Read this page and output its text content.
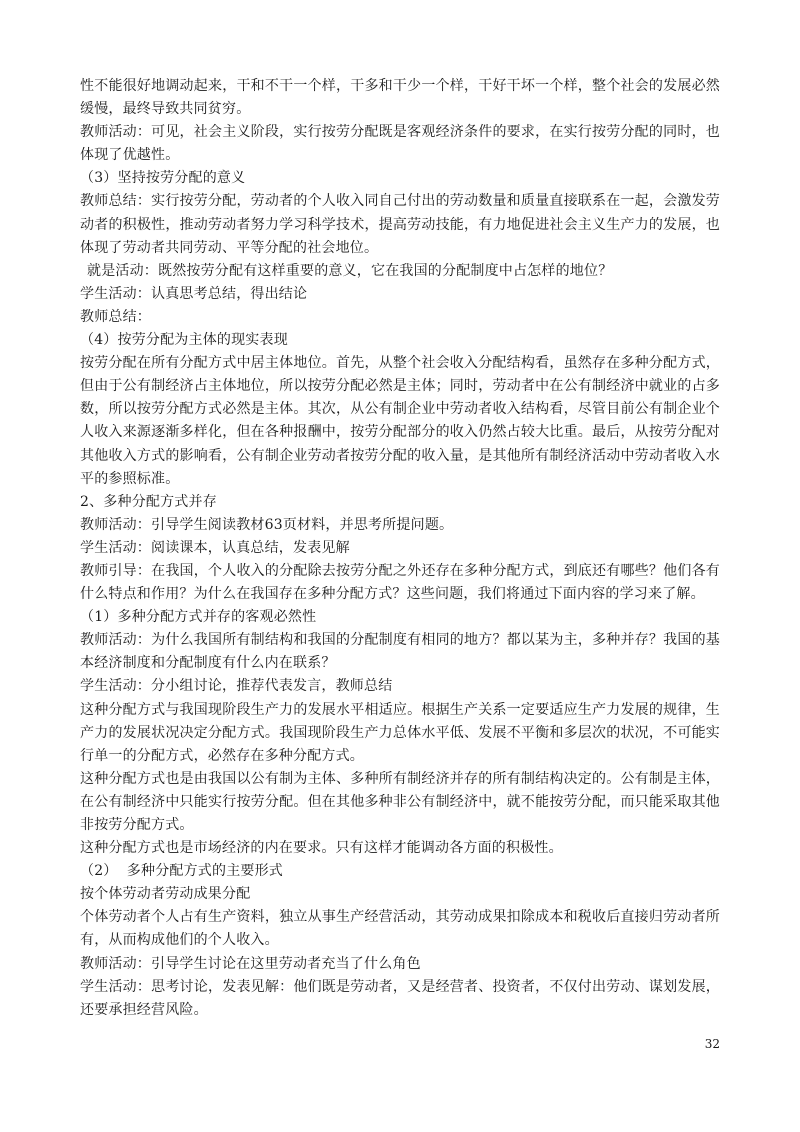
性不能很好地调动起来，干和不干一个样，干多和干少一个样，干好干坏一个样，整个社会的发展必然缓慢，最终导致共同贫穷。

教师活动：可见，社会主义阶段，实行按劳分配既是客观经济条件的要求，在实行按劳分配的同时，也体现了优越性。

（3）坚持按劳分配的意义

教师总结：实行按劳分配，劳动者的个人收入同自己付出的劳动数量和质量直接联系在一起，会激发劳动者的积极性，推动劳动者努力学习科学技术，提高劳动技能，有力地促进社会主义生产力的发展，也体现了劳动者共同劳动、平等分配的社会地位。

就是活动：既然按劳分配有这样重要的意义，它在我国的分配制度中占怎样的地位？

学生活动：认真思考总结，得出结论

教师总结：

（4）按劳分配为主体的现实表现

按劳分配在所有分配方式中居主体地位。首先，从整个社会收入分配结构看，虽然存在多种分配方式，但由于公有制经济占主体地位，所以按劳分配必然是主体；同时，劳动者中在公有制经济中就业的占多数，所以按劳分配方式必然是主体。其次，从公有制企业中劳动者收入结构看，尽管目前公有制企业个人收入来源逐渐多样化，但在各种报酬中，按劳分配部分的收入仍然占较大比重。最后，从按劳分配对其他收入方式的影响看，公有制企业劳动者按劳分配的收入量，是其他所有制经济活动中劳动者收入水平的参照标准。

2、多种分配方式并存

教师活动：引导学生阅读教材63页材料，并思考所提问题。

学生活动：阅读课本，认真总结，发表见解

教师引导：在我国，个人收入的分配除去按劳分配之外还存在多种分配方式，到底还有哪些？他们各有什么特点和作用？为什么在我国存在多种分配方式？这些问题，我们将通过下面内容的学习来了解。

（1）多种分配方式并存的客观必然性

教师活动：为什么我国所有制结构和我国的分配制度有相同的地方？都以某为主，多种并存？我国的基本经济制度和分配制度有什么内在联系？

学生活动：分小组讨论，推荐代表发言，教师总结

这种分配方式与我国现阶段生产力的发展水平相适应。根据生产关系一定要适应生产力发展的规律，生产力的发展状况决定分配方式。我国现阶段生产力总体水平低、发展不平衡和多层次的状况，不可能实行单一的分配方式，必然存在多种分配方式。

这种分配方式也是由我国以公有制为主体、多种所有制经济并存的所有制结构决定的。公有制是主体，在公有制经济中只能实行按劳分配。但在其他多种非公有制经济中，就不能按劳分配，而只能采取其他非按劳分配方式。

这种分配方式也是市场经济的内在要求。只有这样才能调动各方面的积极性。

（2）  多种分配方式的主要形式

按个体劳动者劳动成果分配

个体劳动者个人占有生产资料，独立从事生产经营活动，其劳动成果扣除成本和税收后直接归劳动者所有，从而构成他们的个人收入。

教师活动：引导学生讨论在这里劳动者充当了什么角色

学生活动：思考讨论，发表见解：他们既是劳动者，又是经营者、投资者，不仅付出劳动、谋划发展，还要承担经营风险。

32
